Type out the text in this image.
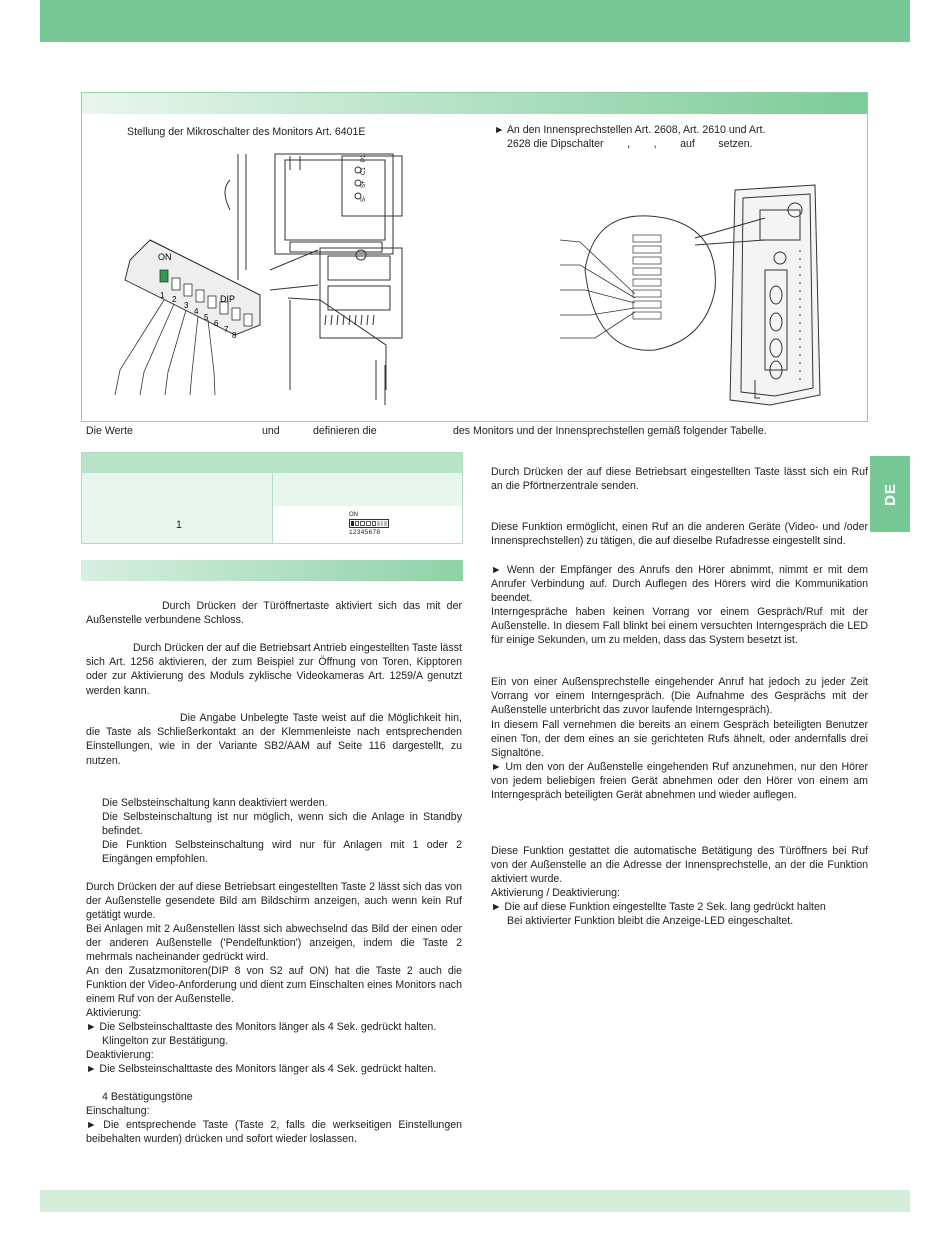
Stellung der Mikroschalter des Monitors Art. 6401E	► An den Innensprechstellen Art. 2608, Art. 2610 und Art.
2628 die Dipschalter        ,        ,        auf        setzen.
ON
DIP
1 2
3
4
5
6
7
8
S-
S+
C1
P1
Die Werte	und	definieren die	des Monitors und der Innensprechstellen gemäß folgender Tabelle.
1
ON
12345678
DE
Durch Drücken der Türöffnertaste aktiviert sich das mit der Außenstelle verbundene Schloss.
Durch Drücken der auf die Betriebsart Antrieb eingestellten Taste lässt sich Art. 1256 aktivieren, der zum Beispiel zur Öffnung von Toren, Kipptoren oder zur Aktivierung des Moduls zyklische Videokameras Art. 1259/A genutzt werden kann.
Die Angabe Unbelegte Taste weist auf die Möglichkeit hin, die Taste als Schließerkontakt an der Klemmenleiste nach entsprechenden Einstellungen, wie in der Variante SB2/AAM auf Seite 116 dargestellt, zu nutzen.
Die Selbsteinschaltung kann deaktiviert werden.
Die Selbsteinschaltung ist nur möglich, wenn sich die Anlage in Standby befindet.
Die Funktion Selbsteinschaltung wird nur für Anlagen mit 1 oder 2 Eingängen empfohlen.
Durch Drücken der auf diese Betriebsart eingestellten Taste 2 lässt sich das von der Außenstelle gesendete Bild am Bildschirm anzeigen, auch wenn kein Ruf getätigt wurde.
Bei Anlagen mit 2 Außenstellen lässt sich abwechselnd das Bild der einen oder der anderen Außenstelle ('Pendelfunktion') anzeigen, indem die Taste 2 mehrmals nacheinander gedrückt wird.
An den Zusatzmonitoren(DIP 8 von S2 auf ON) hat die Taste 2 auch die Funktion der Video-Anforderung und dient zum Einschalten eines Monitors nach einem Ruf von der Außenstelle.
Aktivierung:
► Die Selbsteinschalttaste des Monitors länger als 4 Sek. gedrückt halten.
Klingelton zur Bestätigung.
Deaktivierung:
► Die Selbsteinschalttaste des Monitors länger als 4 Sek. gedrückt halten.
4 Bestätigungstöne
Einschaltung:
► Die entsprechende Taste (Taste 2, falls die werkseitigen Einstellungen beibehalten wurden) drücken und sofort wieder loslassen.
Durch Drücken der auf diese Betriebsart eingestellten Taste lässt sich ein Ruf an die Pförtnerzentrale senden.
Diese Funktion ermöglicht, einen Ruf an die anderen Geräte (Video- und /oder Innensprechstellen) zu tätigen, die auf dieselbe Rufadresse eingestellt sind.
► Wenn der Empfänger des Anrufs den Hörer abnimmt, nimmt er mit dem Anrufer Verbindung auf. Durch Auflegen des Hörers wird die Kommunikation beendet.
Interngespräche haben keinen Vorrang vor einem Gespräch/Ruf mit der Außenstelle. In diesem Fall blinkt bei einem versuchten Interngespräch die LED für einige Sekunden, um zu melden, dass das System besetzt ist.
Ein von einer Außensprechstelle eingehender Anruf hat jedoch zu jeder Zeit Vorrang vor einem Interngespräch. (Die Aufnahme des Gesprächs mit der Außenstelle unterbricht das zuvor laufende Interngespräch).
In diesem Fall vernehmen die bereits an einem Gespräch beteiligten Benutzer einen Ton, der dem eines an sie gerichteten Rufs ähnelt, oder andernfalls drei Signaltöne.
► Um den von der Außenstelle eingehenden Ruf anzunehmen, nur den Hörer von jedem beliebigen freien Gerät abnehmen oder den Hörer von einem am Interngespräch beteiligten Gerät abnehmen und wieder auflegen.
Diese Funktion gestattet die automatische Betätigung des Türöffners bei Ruf von der Außenstelle an die Adresse der Innensprechstelle, an der die Funktion aktiviert wurde.
Aktivierung / Deaktivierung:
► Die auf diese Funktion eingestellte Taste 2 Sek. lang gedrückt halten
Bei aktivierter Funktion bleibt die Anzeige-LED eingeschaltet.
